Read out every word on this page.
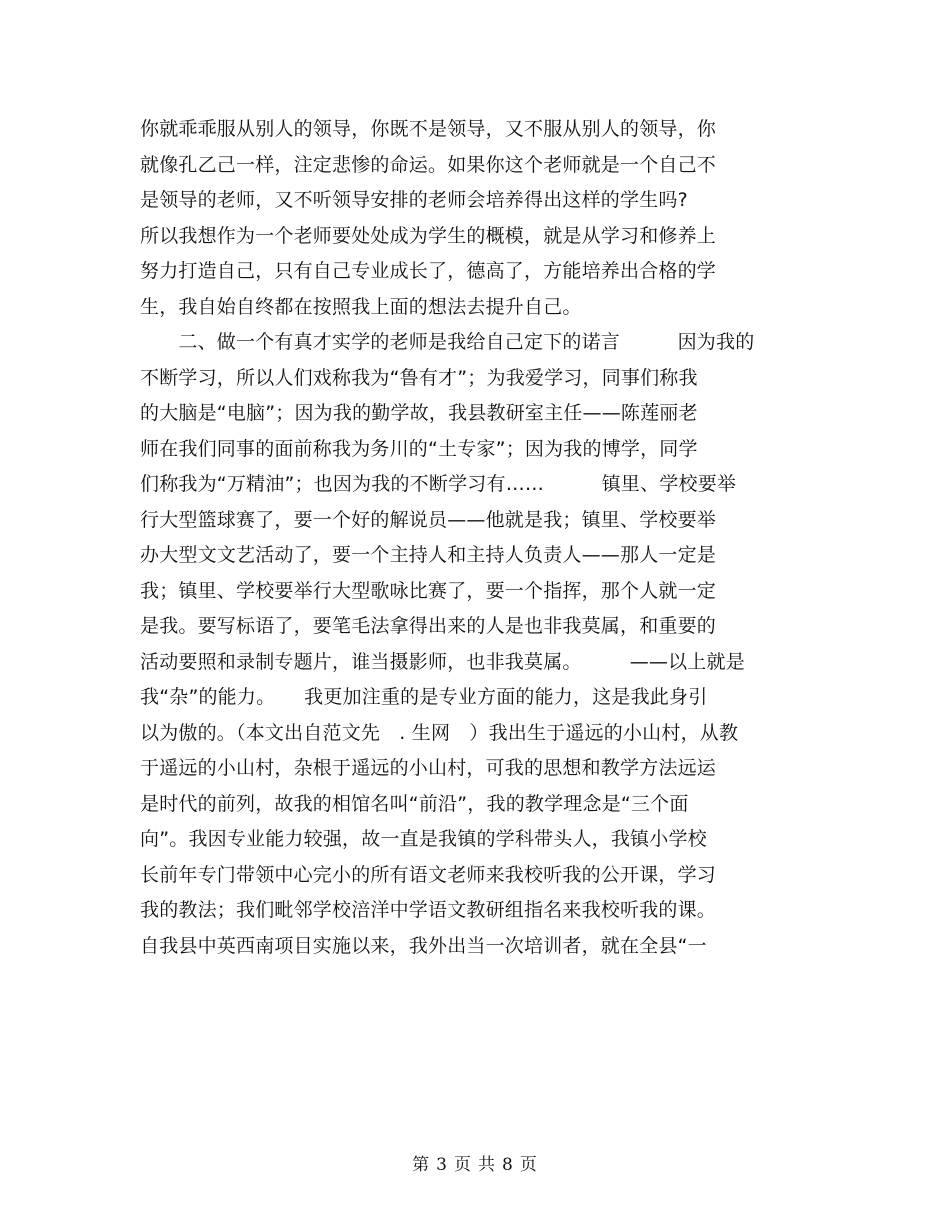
你就乖乖服从别人的领导，你既不是领导，又不服从别人的领导，你
就像孔乙己一样，注定悲惨的命运。如果你这个老师就是一个自己不
是领导的老师，又不听领导安排的老师会培养得出这样的学生吗?
所以我想作为一个老师要处处成为学生的概模，就是从学习和修养上
努力打造自己，只有自己专业成长了，德高了，方能培养出合格的学
生，我自始自终都在按照我上面的想法去提升自己。
　　二、做一个有真才实学的老师是我给自己定下的诺言　　　因为我的
不断学习，所以人们戏称我为“鲁有才”；为我爱学习，同事们称我
的大脑是“电脑”；因为我的勤学故，我县教研室主任——陈莲丽老
师在我们同事的面前称我为务川的“土专家”；因为我的博学，同学
们称我为“万精油”；也因为我的不断学习有……　　　镇里、学校要举
行大型篮球赛了，要一个好的解说员——他就是我；镇里、学校要举
办大型文文艺活动了，要一个主持人和主持人负责人——那人一定是
我；镇里、学校要举行大型歌咏比赛了，要一个指挥，那个人就一定
是我。要写标语了，要笔毛法拿得出来的人是也非我莫属，和重要的
活动要照和录制专题片，谁当摄影师，也非我莫属。　　　——以上就是
我“杂”的能力。　　我更加注重的是专业方面的能力，这是我此身引
以为傲的。（本文出自范文先　. 生网　）我出生于遥远的小山村，从教
于遥远的小山村，杂根于遥远的小山村，可我的思想和教学方法远运
是时代的前列，故我的相馆名叫“前沿”，我的教学理念是“三个面
向”。我因专业能力较强，故一直是我镇的学科带头人，我镇小学校
长前年专门带领中心完小的所有语文老师来我校听我的公开课，学习
我的教法；我们毗邻学校涪洋中学语文教研组指名来我校听我的课。
自我县中英西南项目实施以来，我外出当一次培训者，就在全县“一
第 3 页 共 8 页
